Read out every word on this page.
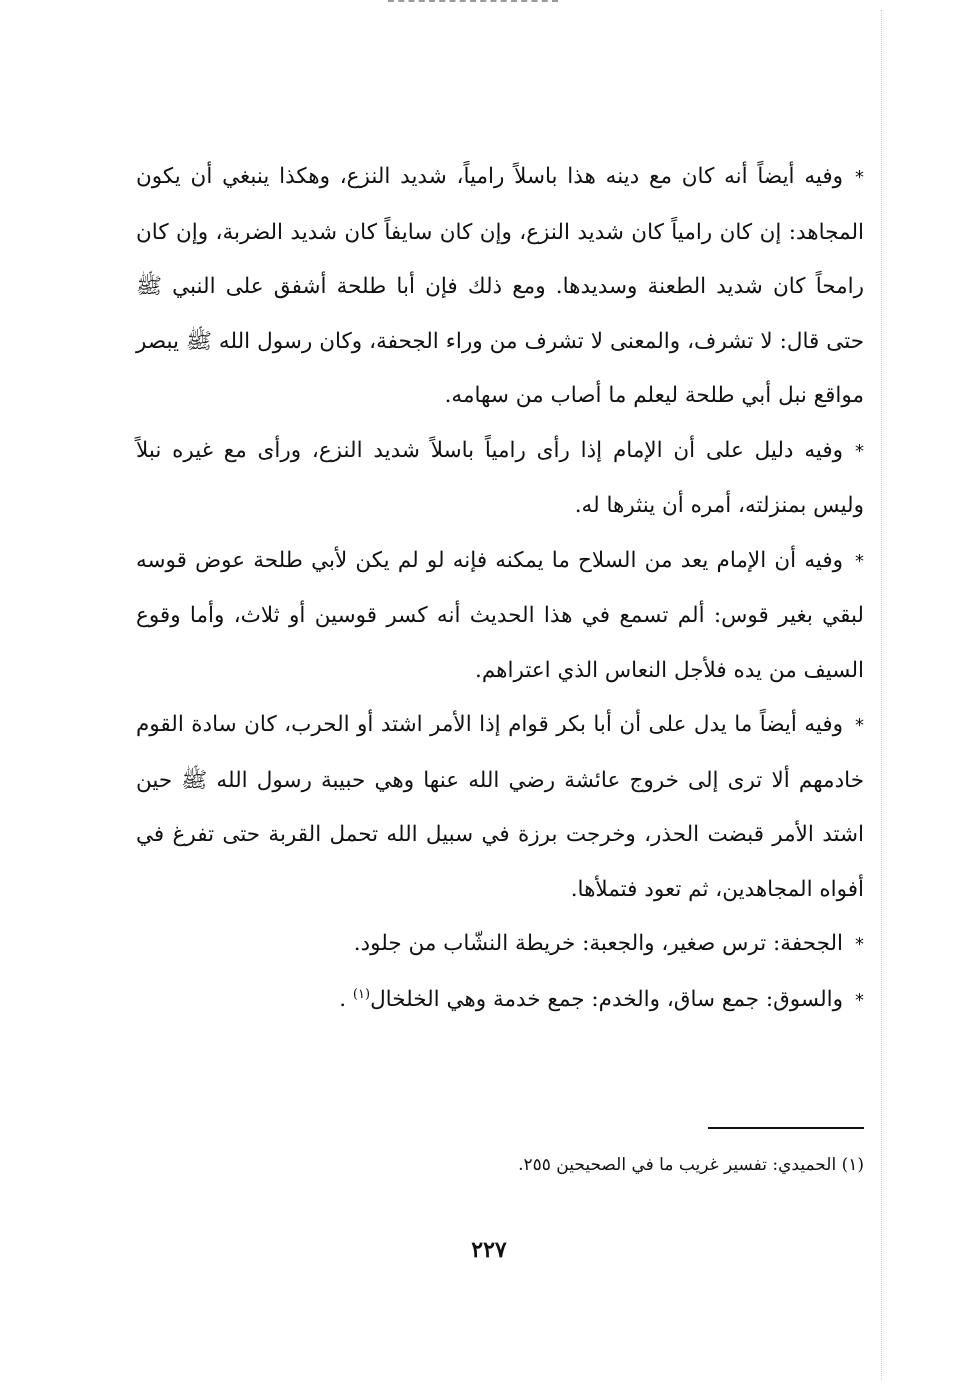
*وفيه أيضاً أنه كان مع دينه هذا باسلاً رامياً، شديد النزع، وهكذا ينبغي أن يكون المجاهد: إن كان رامياً كان شديد النزع، وإن كان سايفاً كان شديد الضربة، وإن كان رامحاً كان شديد الطعنة وسديدها. ومع ذلك فإن أبا طلحة أشفق على النبي ﷺ حتى قال: لا تشرف، والمعنى لا تشرف من وراء الجحفة، وكان رسول الله ﷺ يبصر مواقع نبل أبي طلحة ليعلم ما أصاب من سهامه.

*وفيه دليل على أن الإمام إذا رأى رامياً باسلاً شديد النزع، ورأى مع غيره نبلاً وليس بمنزلته، أمره أن ينثرها له.

*وفيه أن الإمام يعد من السلاح ما يمكنه فإنه لو لم يكن لأبي طلحة عوض قوسه لبقي بغير قوس: ألم تسمع في هذا الحديث أنه كسر قوسين أو ثلاث، وأما وقوع السيف من يده فلأجل النعاس الذي اعتراهم.

*وفيه أيضاً ما يدل على أن أبا بكر قوام إذا الأمر اشتد أو الحرب، كان سادة القوم خادمهم ألا ترى إلى خروج عائشة رضي الله عنها وهي حبيبة رسول الله ﷺ حين اشتد الأمر قبضت الحذر، وخرجت برزة في سبيل الله تحمل القربة حتى تفرغ في أفواه المجاهدين، ثم تعود فتملأها.

*الجحفة: ترس صغير، والجعبة: خريطة النشّاب من جلود.

*والسوق: جمع ساق، والخدم: جمع خدمة وهي الخلخال$^{(١)}$ .

(١) الحميدي: تفسير غريب ما في الصحيحين ٢٥٥.
٢٢٧
